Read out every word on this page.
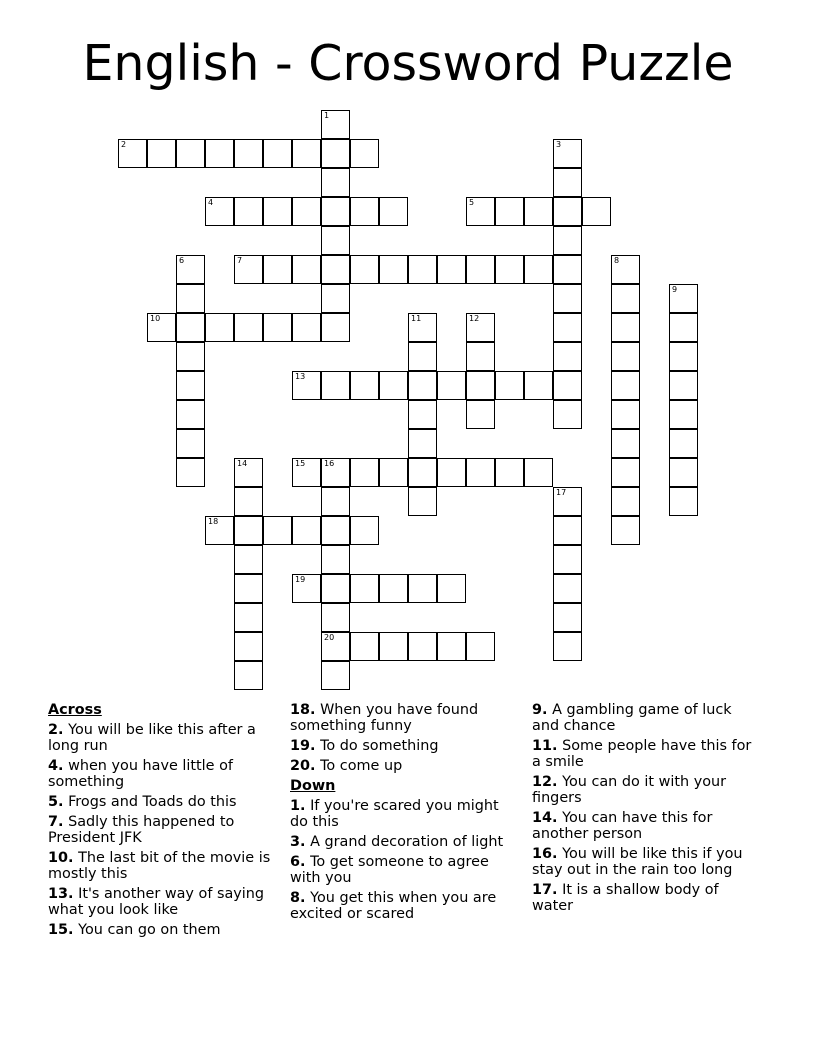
English - Crossword Puzzle
1
2	3
4	5
6	7	8
9
10	11	12
13
14	15 16
20
17
18
19
Across
2. You will be like this after a long run
4. when you have little of something
5. Frogs and Toads do this
7. Sadly this happened to President JFK
10. The last bit of the movie is mostly this
13. It's another way of saying what you look like
15. You can go on them
18. When you have found something funny
19. To do something
20. To come up
Down
1. If you're scared you might do this
3. A grand decoration of light
6. To get someone to agree with you
8. You get this when you are excited or scared
9. A gambling game of luck and chance
11. Some people have this for a smile
12. You can do it with your fingers
14. You can have this for another person
16. You will be like this if you stay out in the rain too long
17. It is a shallow body of water
